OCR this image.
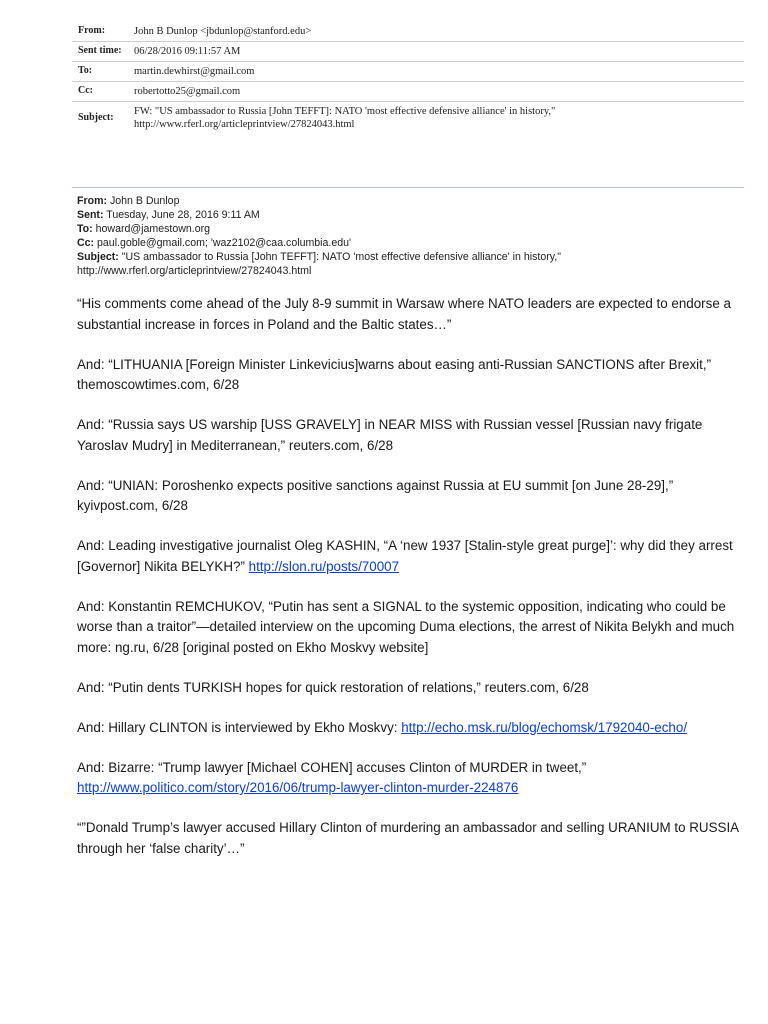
From:	John B Dunlop <jbdunlop@stanford.edu>
Sent time:	06/28/2016 09:11:57 AM
To:	martin.dewhirst@gmail.com
Cc:	robertotto25@gmail.com
Subject:
FW: "US ambassador to Russia [John TEFFT]: NATO 'most effective defensive alliance' in history,"
http://www.rferl.org/articleprintview/27824043.html
From: John B Dunlop
Sent: Tuesday, June 28, 2016 9:11 AM
To: howard@jamestown.org
Cc: paul.goble@gmail.com; 'waz2102@caa.columbia.edu'
Subject: "US ambassador to Russia [John TEFFT]: NATO 'most effective defensive alliance' in history,"
http://www.rferl.org/articleprintview/27824043.html

“His comments come ahead of the July 8-9 summit in Warsaw where NATO leaders are expected to endorse a substantial increase in forces in Poland and the Baltic states…”

And: “LITHUANIA [Foreign Minister Linkevicius]warns about easing anti-Russian SANCTIONS after Brexit,” themoscowtimes.com, 6/28

And: “Russia says US warship [USS GRAVELY] in NEAR MISS with Russian vessel [Russian navy frigate Yaroslav Mudry] in Mediterranean,” reuters.com, 6/28

And: “UNIAN: Poroshenko expects positive sanctions against Russia at EU summit [on June 28-29],” kyivpost.com, 6/28

And: Leading investigative journalist Oleg KASHIN, “A ‘new 1937 [Stalin-style great purge]’: why did they arrest [Governor] Nikita BELYKH?” http://slon.ru/posts/70007

And: Konstantin REMCHUKOV, “Putin has sent a SIGNAL to the systemic opposition, indicating who could be worse than a traitor”—detailed interview on the upcoming Duma elections, the arrest of Nikita Belykh and much more: ng.ru, 6/28 [original posted on Ekho Moskvy website]

And: “Putin dents TURKISH hopes for quick restoration of relations,” reuters.com, 6/28

And: Hillary CLINTON is interviewed by Ekho Moskvy: http://echo.msk.ru/blog/echomsk/1792040-echo/

And: Bizarre: “Trump lawyer [Michael COHEN] accuses Clinton of MURDER in tweet,” http://www.politico.com/story/2016/06/trump-lawyer-clinton-murder-224876

“”Donald Trump’s lawyer accused Hillary Clinton of murdering an ambassador and selling URANIUM to RUSSIA through her ‘false charity’…”
